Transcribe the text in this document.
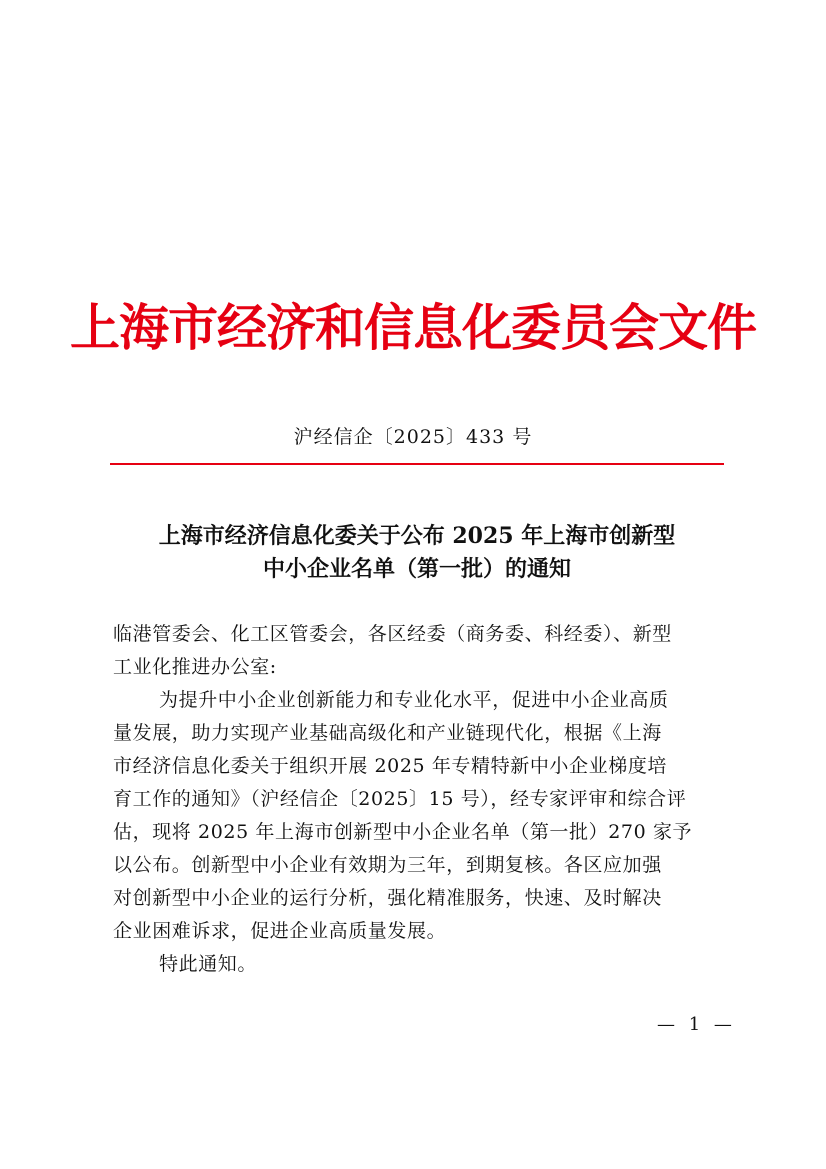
上海市经济和信息化委员会文件
沪经信企〔2025〕433 号
上海市经济信息化委关于公布 2025 年上海市创新型
中小企业名单（第一批）的通知
临港管委会、化工区管委会，各区经委（商务委、科经委）、新型
工业化推进办公室:
为提升中小企业创新能力和专业化水平，促进中小企业高质
量发展，助力实现产业基础高级化和产业链现代化，根据《上海
市经济信息化委关于组织开展 2025 年专精特新中小企业梯度培
育工作的通知》（沪经信企〔2025〕15 号），经专家评审和综合评
估，现将 2025 年上海市创新型中小企业名单（第一批）270 家予
以公布。创新型中小企业有效期为三年，到期复核。各区应加强
对创新型中小企业的运行分析，强化精准服务，快速、及时解决
企业困难诉求，促进企业高质量发展。
特此通知。
— 1 —
